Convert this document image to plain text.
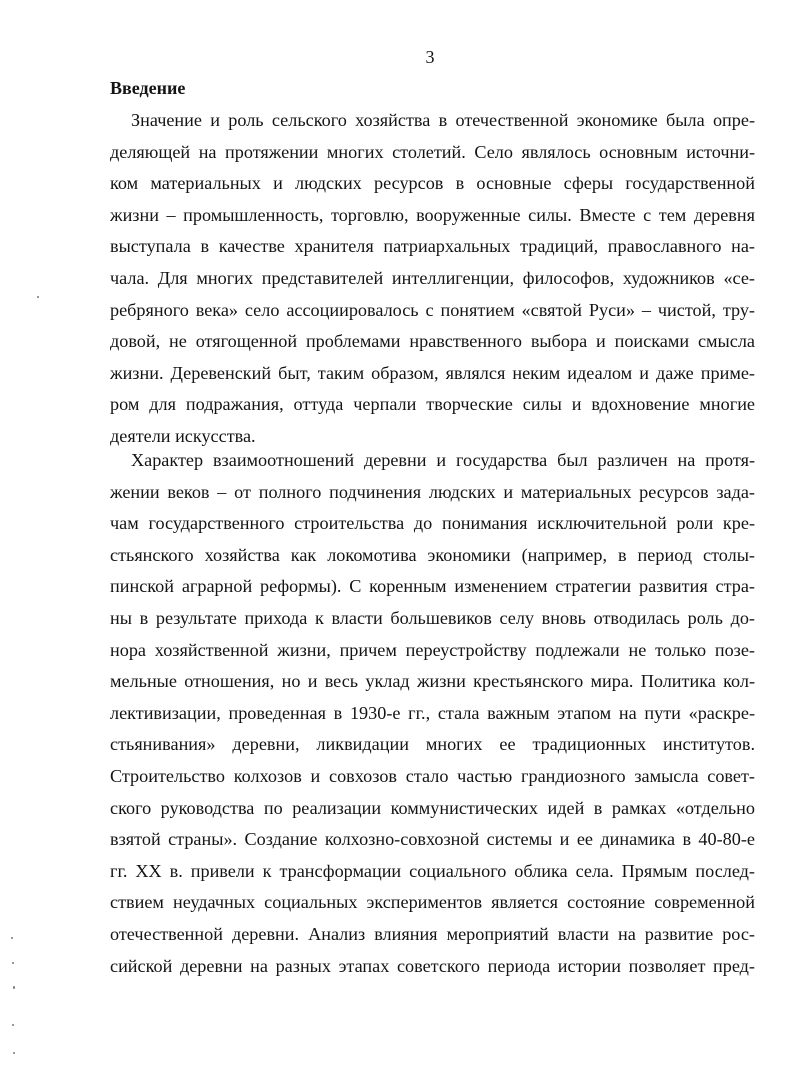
3
Введение
Значение и роль сельского хозяйства в отечественной экономике была опре-
деляющей на протяжении многих столетий. Село являлось основным источни-
ком материальных и людских ресурсов в основные сферы государственной
жизни – промышленность, торговлю, вооруженные силы. Вместе с тем деревня
выступала в качестве хранителя патриархальных традиций, православного на-
чала. Для многих представителей интеллигенции, философов, художников «се-
ребряного века» село ассоциировалось с понятием «святой Руси» – чистой, тру-
довой, не отягощенной проблемами нравственного выбора и поисками смысла
жизни. Деревенский быт, таким образом, являлся неким идеалом и даже приме-
ром для подражания, оттуда черпали творческие силы и вдохновение многие
деятели искусства.
Характер взаимоотношений деревни и государства был различен на протя-
жении веков – от полного подчинения людских и материальных ресурсов зада-
чам государственного строительства до понимания исключительной роли кре-
стьянского хозяйства как локомотива экономики (например, в период столы-
пинской аграрной реформы). С коренным изменением стратегии развития стра-
ны в результате прихода к власти большевиков селу вновь отводилась роль до-
нора хозяйственной жизни, причем переустройству подлежали не только позе-
мельные отношения, но и весь уклад жизни крестьянского мира. Политика кол-
лективизации, проведенная в 1930-е гг., стала важным этапом на пути «раскре-
стьянивания» деревни, ликвидации многих ее традиционных институтов.
Строительство колхозов и совхозов стало частью грандиозного замысла совет-
ского руководства по реализации коммунистических идей в рамках «отдельно
взятой страны». Создание колхозно-совхозной системы и ее динамика в 40-80-е
гг. XX в. привели к трансформации социального облика села. Прямым послед-
ствием неудачных социальных экспериментов является состояние современной
отечественной деревни. Анализ влияния мероприятий власти на развитие рос-
сийской деревни на разных этапах советского периода истории позволяет пред-
